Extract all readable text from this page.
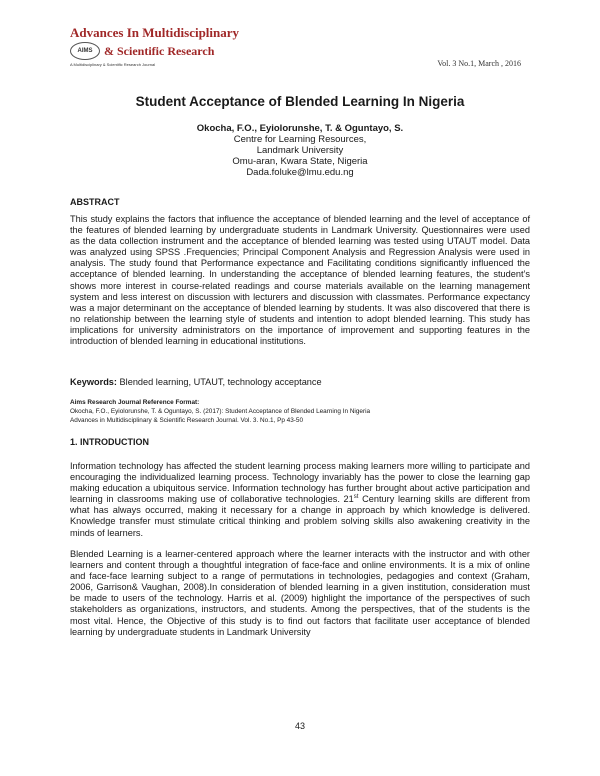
Advances In Multidisciplinary
AIMS & Scientific Research
A Multidisciplinary & Scientific Research Journal	Vol. 3 No.1, March , 2016
Student Acceptance of Blended Learning In Nigeria
Okocha, F.O., Eyiolorunshe, T. & Oguntayo, S.
Centre for Learning Resources,
Landmark University
Omu-aran, Kwara State, Nigeria
Dada.foluke@lmu.edu.ng
ABSTRACT
This study explains the factors that influence the acceptance of blended learning and the level of acceptance of the features of blended learning by undergraduate students in Landmark University. Questionnaires were used as the data collection instrument and the acceptance of blended learning was tested using UTAUT model. Data was analyzed using SPSS .Frequencies; Principal Component Analysis and Regression Analysis were used in analysis. The study found that Performance expectance and Facilitating conditions significantly influenced the acceptance of blended learning. In understanding the acceptance of blended learning features, the student’s shows more interest in course-related readings and course materials available on the learning management system and less interest on discussion with lecturers and discussion with classmates. Performance expectancy was a major determinant on the acceptance of blended learning by students. It was also discovered that there is no relationship between the learning style of students and intention to adopt blended learning. This study has implications for university administrators on the importance of improvement and supporting features in the introduction of blended learning in educational institutions.
Keywords: Blended learning, UTAUT, technology acceptance
Aims Research Journal Reference Format:
Okocha, F.O., Eyiolorunshe, T. & Oguntayo, S. (2017): Student Acceptance of Blended Learning In Nigeria
Advances in Multidisciplinary & Scientific Research Journal. Vol. 3. No.1, Pp 43-50
1. INTRODUCTION
Information technology has affected the student learning process making learners more willing to participate and encouraging the individualized learning process. Technology invariably has the power to close the learning gap making education a ubiquitous service. Information technology has further brought about active participation and learning in classrooms making use of collaborative technologies. 21st Century learning skills are different from what has always occurred, making it necessary for a change in approach by which knowledge is delivered. Knowledge transfer must stimulate critical thinking and problem solving skills also awakening creativity in the minds of learners.
Blended Learning is a learner-centered approach where the learner interacts with the instructor and with other learners and content through a thoughtful integration of face-face and online environments. It is a mix of online and face-face learning subject to a range of permutations in technologies, pedagogies and context (Graham, 2006, Garrison& Vaughan, 2008).In consideration of blended learning in a given institution, consideration must be made to users of the technology. Harris et al. (2009) highlight the importance of the perspectives of such stakeholders as organizations, instructors, and students. Among the perspectives, that of the students is the most vital. Hence, the Objective of this study is to find out factors that facilitate user acceptance of blended learning by undergraduate students in Landmark University
43
